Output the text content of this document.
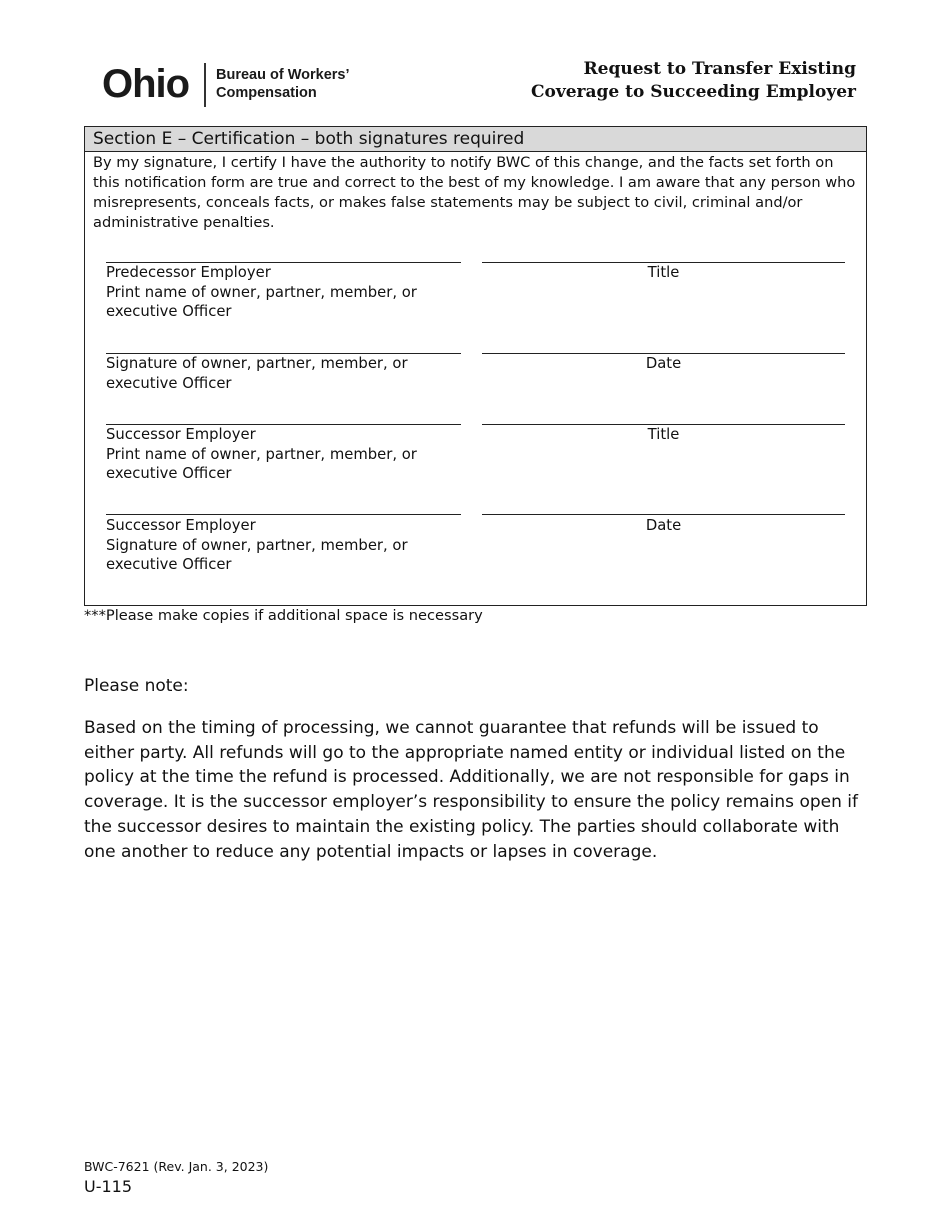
Ohio Bureau of Workers’
Compensation
Request to Transfer Existing
Coverage to Succeeding Employer
Section E – Certification – both signatures required
By my signature, I certify I have the authority to notify BWC of this change, and the facts set forth on this notification form are true and correct to the best of my knowledge. I am aware that any person who misrepresents, conceals facts, or makes false statements may be subject to civil, criminal and/or administrative penalties.
Predecessor Employer
Print name of owner, partner, member, or
executive Officer
Title
Signature of owner, partner, member, or
executive Officer
Date
Successor Employer
Print name of owner, partner, member, or
executive Officer
Title
Successor Employer
Signature of owner, partner, member, or
executive Officer
Date
***Please make copies if additional space is necessary
Please note:
Based on the timing of processing, we cannot guarantee that refunds will be issued to either party. All refunds will go to the appropriate named entity or individual listed on the policy at the time the refund is processed. Additionally, we are not responsible for gaps in coverage. It is the successor employer’s responsibility to ensure the policy remains open if the successor desires to maintain the existing policy. The parties should collaborate with one another to reduce any potential impacts or lapses in coverage.
BWC-7621 (Rev. Jan. 3, 2023)
U-115
